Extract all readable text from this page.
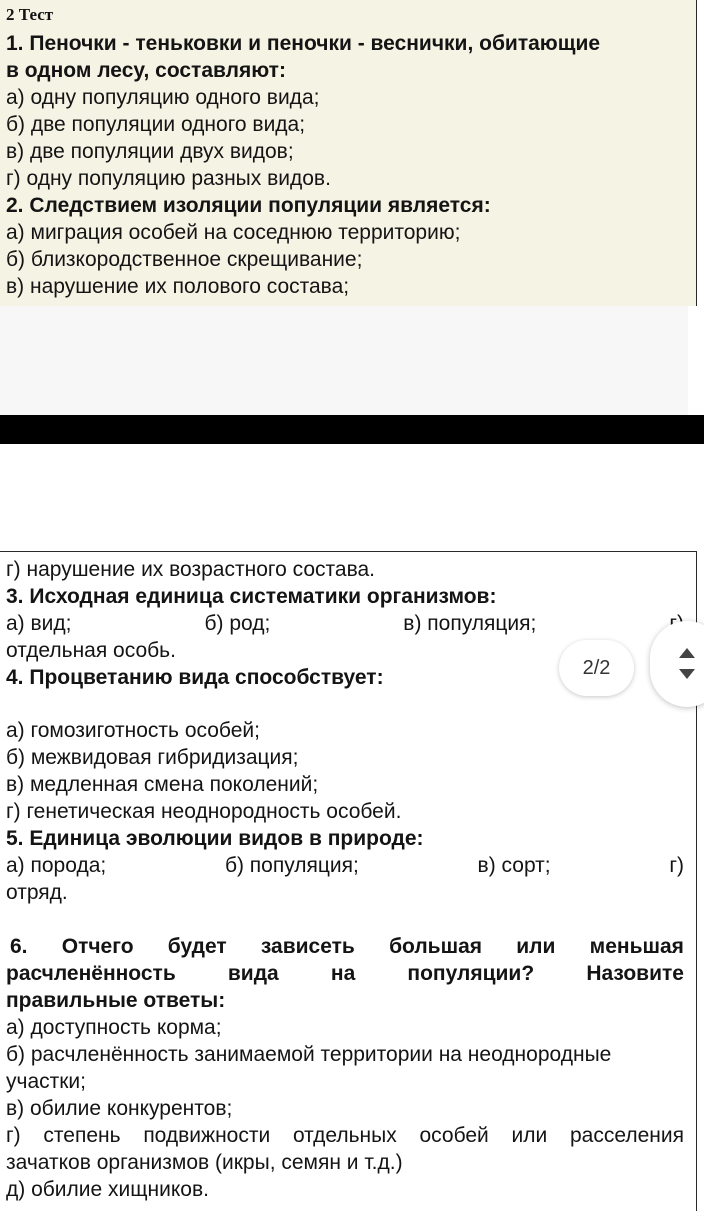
2 Тест
1. Пеночки - теньковки и пеночки - веснички, обитающие
в одном лесу, составляют:
а) одну популяцию одного вида;
б) две популяции одного вида;
в) две популяции двух видов;
г) одну популяцию разных видов.
2. Следствием изоляции популяции является:
а) миграция особей на соседнюю территорию;
б) близкородственное скрещивание;
в) нарушение их полового состава;
г) нарушение их возрастного состава.
3. Исходная единица систематики организмов:
а) вид;	б) род;	в) популяция;
отдельная особь.
4. Процветанию вида способствует:
а) гомозиготность особей;
б) межвидовая гибридизация;
в) медленная смена поколений;
г) генетическая неоднородность особей.
5. Единица эволюции видов в природе:
а) порода;	б) популяция;	в) сорт;	г)
отряд.
6. Отчего будет зависеть большая или меньшая
расчленённость вида на популяции? Назовите
правильные ответы:
а) доступность корма;
б) расчленённость занимаемой территории на неоднородные
участки;
в) обилие конкурентов;
г) степень подвижности отдельных особей или расселения
зачатков организмов (икры, семян и т.д.)
д) обилие хищников.
2/2
